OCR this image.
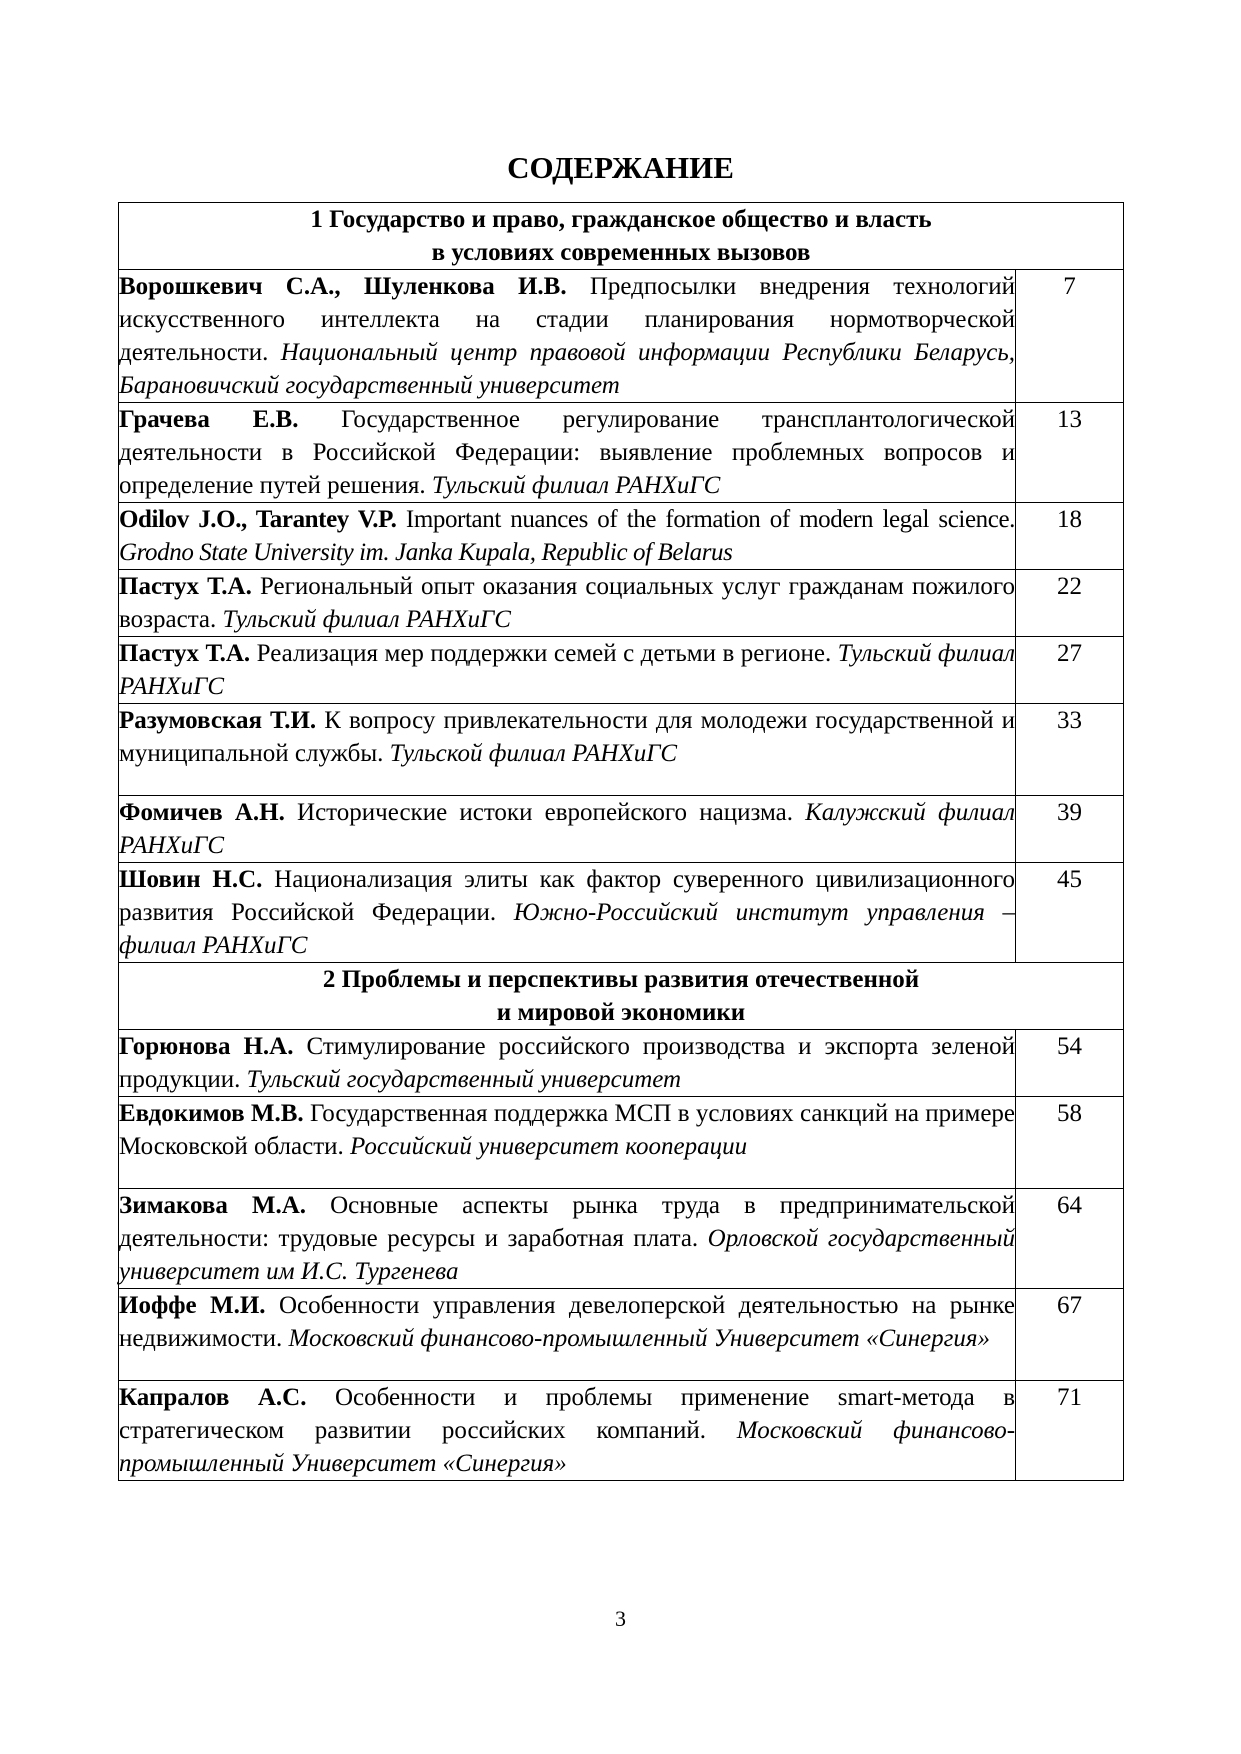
СОДЕРЖАНИЕ
1 Государство и право, гражданское общество и власть
в условиях современных вызовов	
Ворошкевич С.А., Шуленкова И.В. Предпосылки внедрения технологий искусственного интеллекта на стадии планирования нормотворческой деятельности. Национальный центр правовой информации Республики Беларусь, Барановичский государственный университет	7
Грачева Е.В. Государственное регулирование трансплантологической деятельности в Российской Федерации: выявление проблемных вопросов и определение путей решения. Тульский филиал РАНХиГС	13
Odilov J.O., Tarantey V.P. Important nuances of the formation of modern legal science. Grodno State University im. Janka Kupala, Republic of Belarus	18
Пастух Т.А. Региональный опыт оказания социальных услуг гражданам пожилого возраста. Тульский филиал РАНХиГС	22
Пастух Т.А. Реализация мер поддержки семей с детьми в регионе. Тульский филиал РАНХиГС	27
Разумовская Т.И. К вопросу привлекательности для молодежи государственной и муниципальной службы. Тульской филиал РАНХиГС	33
Фомичев А.Н. Исторические истоки европейского нацизма. Калужский филиал РАНХиГС	39
Шовин Н.С. Национализация элиты как фактор суверенного цивилизационного развития Российской Федерации. Южно-Российский институт управления – филиал РАНХиГС	45
2 Проблемы и перспективы развития отечественной
и мировой экономики	
Горюнова Н.А. Стимулирование российского производства и экспорта зеленой продукции. Тульский государственный университет	54
Евдокимов М.В. Государственная поддержка МСП в условиях санкций на примере Московской области. Российский университет кооперации	58
Зимакова М.А. Основные аспекты рынка труда в предпринимательской деятельности: трудовые ресурсы и заработная плата. Орловской государственный университет им И.С. Тургенева	64
Иоффе М.И. Особенности управления девелоперской деятельностью на рынке недвижимости. Московский финансово-промышленный Университет «Синергия»	67
Капралов А.С. Особенности и проблемы применение smart-метода в стратегическом развитии российских компаний. Московский финансово-промышленный Университет «Синергия»	71
3
